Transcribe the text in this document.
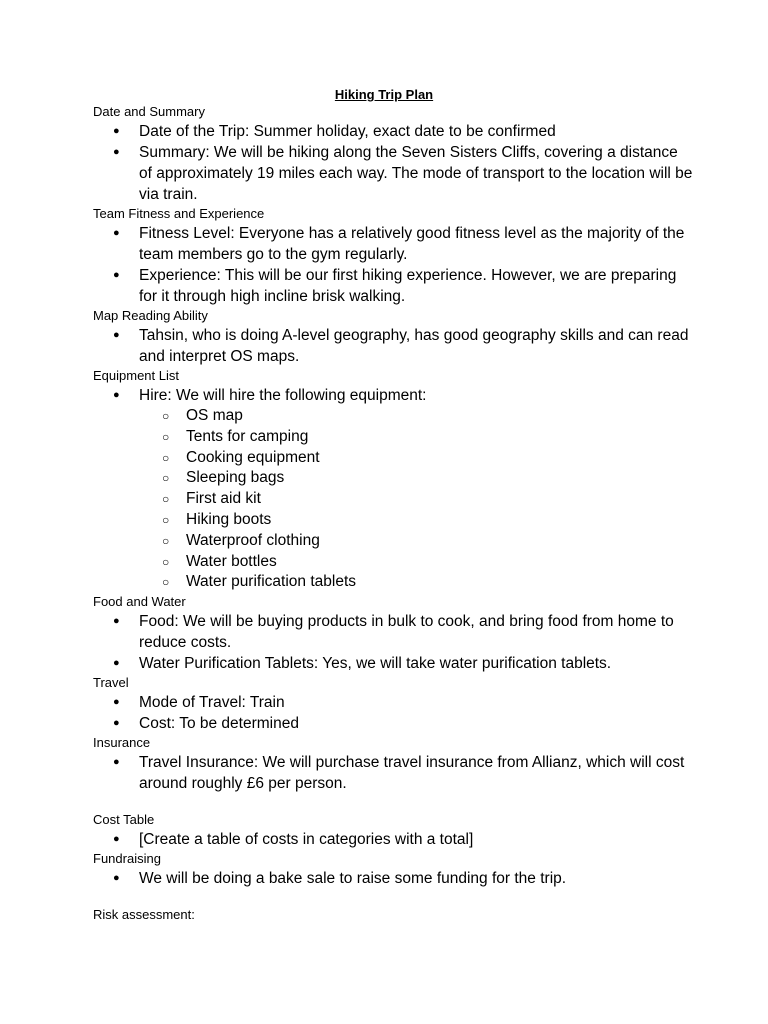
Hiking Trip Plan
Date and Summary
● Date of the Trip: Summer holiday, exact date to be confirmed
● Summary: We will be hiking along the Seven Sisters Cliffs, covering a distance of approximately 19 miles each way. The mode of transport to the location will be via train.
Team Fitness and Experience
● Fitness Level: Everyone has a relatively good fitness level as the majority of the team members go to the gym regularly.
● Experience: This will be our first hiking experience. However, we are preparing for it through high incline brisk walking.
Map Reading Ability
● Tahsin, who is doing A-level geography, has good geography skills and can read and interpret OS maps.
Equipment List
● Hire: We will hire the following equipment:
○ OS map
○ Tents for camping
○ Cooking equipment
○ Sleeping bags
○ First aid kit
○ Hiking boots
○ Waterproof clothing
○ Water bottles
○ Water purification tablets
Food and Water
● Food: We will be buying products in bulk to cook, and bring food from home to reduce costs.
● Water Purification Tablets: Yes, we will take water purification tablets.
Travel
● Mode of Travel: Train
● Cost: To be determined
Insurance
● Travel Insurance: We will purchase travel insurance from Allianz, which will cost around roughly £6 per person.
Cost Table
● [Create a table of costs in categories with a total]
Fundraising
● We will be doing a bake sale to raise some funding for the trip.
Risk assessment:
